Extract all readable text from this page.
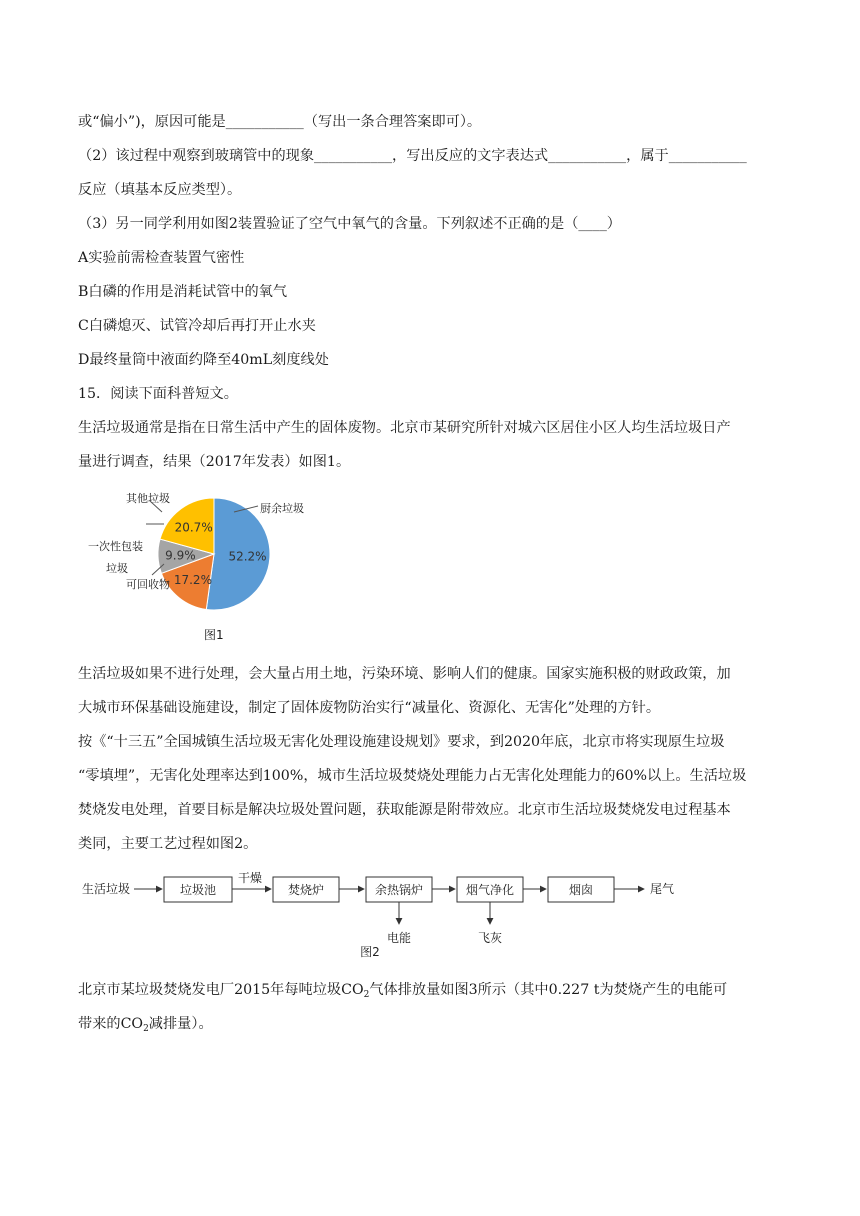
或“偏小”)，原因可能是___________（写出一条合理答案即可）。
（2）该过程中观察到玻璃管中的现象___________，写出反应的文字表达式___________，属于___________
反应（填基本反应类型）。
（3）另一同学利用如图2装置验证了空气中氧气的含量。下列叙述不正确的是（____）
A实验前需检查装置气密性
B白磷的作用是消耗试管中的氧气
C白磷熄灭、试管冷却后再打开止水夹
D最终量筒中液面约降至40mL刻度线处
15．阅读下面科普短文。
生活垃圾通常是指在日常生活中产生的固体废物。北京市某研究所针对城六区居住小区人均生活垃圾日产
量进行调查，结果（2017年发表）如图1。
其他垃圾
厨余垃圾
一次性包装
垃圾
可回收物
52.2%
17.2%
9.9%
20.7%
图1
生活垃圾如果不进行处理，会大量占用土地，污染环境、影响人们的健康。国家实施积极的财政政策，加
大城市环保基础设施建设，制定了固体废物防治实行“减量化、资源化、无害化”处理的方针。
按《“十三五”全国城镇生活垃圾无害化处理设施建设规划》要求，到2020年底，北京市将实现原生垃圾
“零填埋”，无害化处理率达到100%，城市生活垃圾焚烧处理能力占无害化处理能力的60%以上。生活垃圾
焚烧发电处理，首要目标是解决垃圾处置问题，获取能源是附带效应。北京市生活垃圾焚烧发电过程基本
类同，主要工艺过程如图2。
生活垃圾	垃圾池
干燥
焚烧炉	余热锅炉	烟气净化	烟囱	尾气
电能	飞灰
图2
北京市某垃圾焚烧发电厂2015年每吨垃圾$CO_2$气体排放量如图3所示（其中0.227 t为焚烧产生的电能可
带来的$CO_2$减排量）。
